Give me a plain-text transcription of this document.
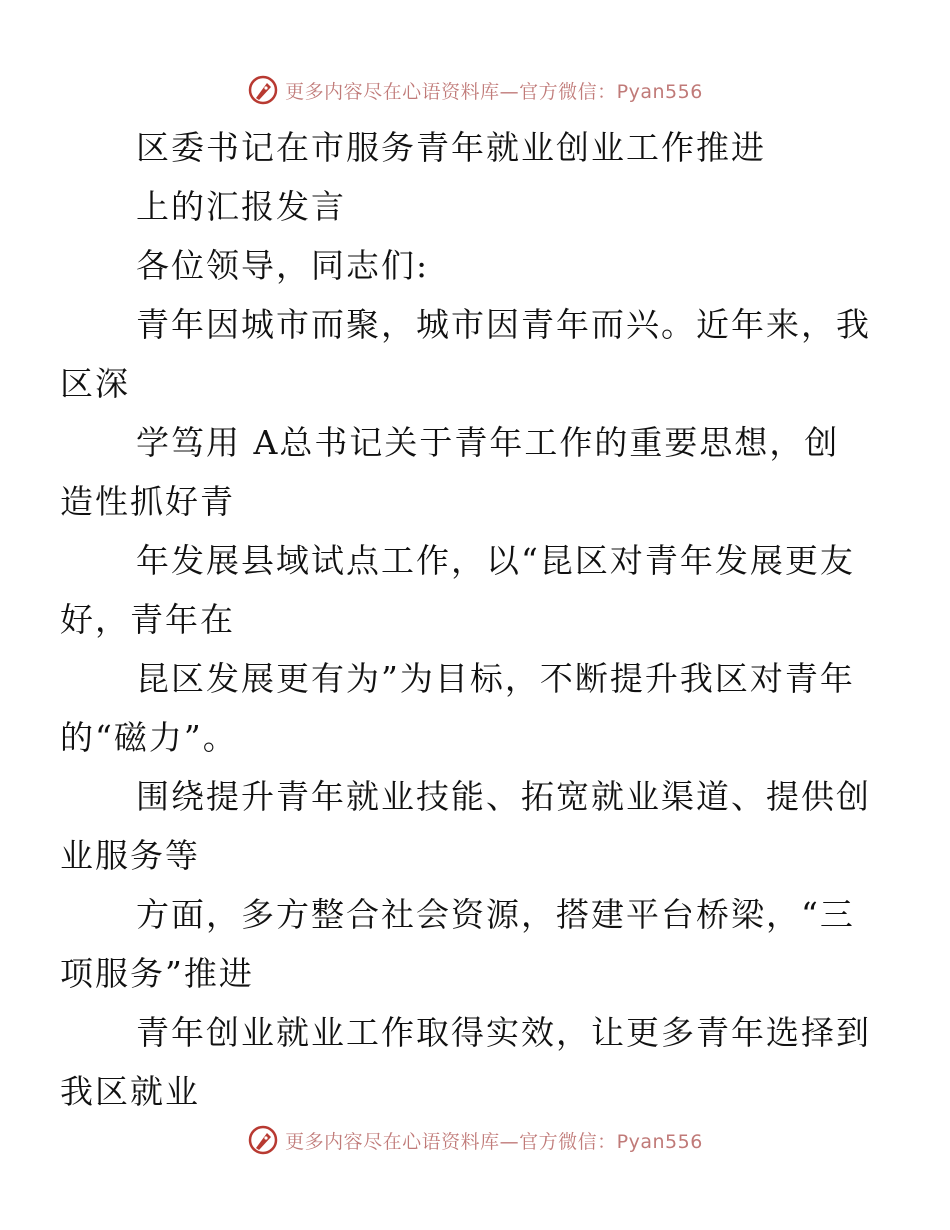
更多内容尽在心语资料库—官方微信：Pyan556

区委书记在市服务青年就业创业工作推进

上的汇报发言

各位领导，同志们:

青年因城市而聚，城市因青年而兴。近年来，我
区深

学笃用 A总书记关于青年工作的重要思想，创
造性抓好青

年发展县域试点工作，以“昆区对青年发展更友
好，青年在

昆区发展更有为”为目标，不断提升我区对青年
的“磁力”。

围绕提升青年就业技能、拓宽就业渠道、提供创
业服务等

方面，多方整合社会资源，搭建平台桥梁，“三
项服务”推进

青年创业就业工作取得实效，让更多青年选择到
我区就业

更多内容尽在心语资料库—官方微信：Pyan556
